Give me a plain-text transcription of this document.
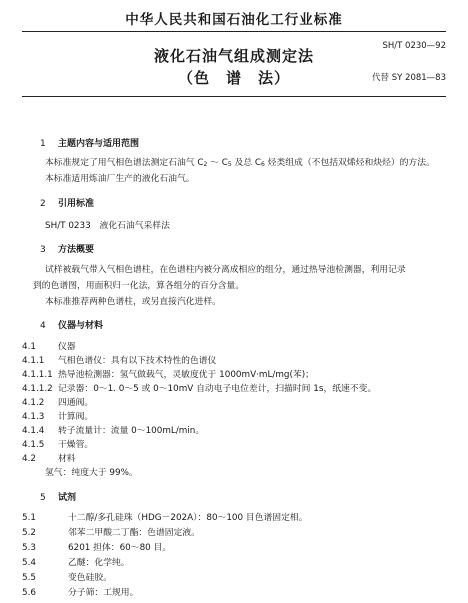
中华人民共和国石油化工行业标准
液化石油气组成测定法
（色　谱　法）
SH/T 0230—92
代替 SY 2081—83
1 主题内容与适用范围
本标准规定了用气相色谱法测定石油气 C2 ～ C5 及总 C6 烃类组成（不包括双烯烃和炔烃）的方法。
本标准适用炼油厂生产的液化石油气。
2 引用标准
SH/T 0233　液化石油气采样法
3 方法概要
试样被载气带入气相色谱柱，在色谱柱内被分离成相应的组分，通过热导池检测器，利用记录
到的色谱图，用面积归一化法，算各组分的百分含量。
本标准推荐两种色谱柱，或另直接汽化进样。
4 仪器与材料
4.1	仪器
4.1.1 气相色谱仪：具有以下技术特性的色谱仪
4.1.1.1 热导池检测器：氢气做载气，灵敏度优于 1000mV·mL/mg(苯)；
4.1.1.2 记录器：0～1. 0～5 或 0～10mV 自动电子电位差计，扫描时间 1s，纸速不变。
4.1.2 四通阀。
4.1.3 计算阀。
4.1.4 转子流量计：流量 0～100mL/min。
4.1.5 干燥管。
4.2	材料
氢气：纯度大于 99%。
5 试剂
5.1	十二醇/多孔硅珠（HDG－202A）：80～100 目色谱固定相。
5.2	邻苯二甲酸二丁酯：色谱固定液。
5.3	6201 担体：60～80 目。
5.4	乙醚：化学纯。
5.5	变色硅胶。
5.6	分子筛：工规用。
